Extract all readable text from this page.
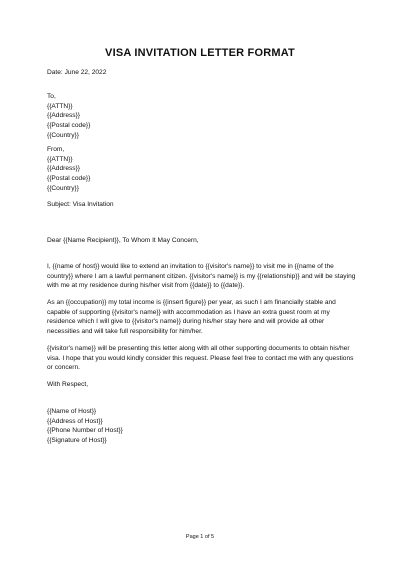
VISA INVITATION LETTER FORMAT
Date: June 22, 2022
To,
{{ATTN}}
{{Address}}
{{Postal code}}
{{Country}}
From,
{{ATTN}}
{{Address}}
{{Postal code}}
{{Country}}
Subject: Visa Invitation
Dear {{Name Recipient}}, To Whom It May Concern,
I, {{name of host}} would like to extend an invitation to {{visitor's name}} to visit me in {{name of the country}} where I am a lawful permanent citizen. {{visitor's name}} is my {{relationship}} and will be staying with me at my residence during his/her visit from {{date}} to {{date}}.
As an {{occupation}} my total income is {{insert figure}} per year, as such I am financially stable and capable of supporting {{visitor's name}} with accommodation as I have an extra guest room at my residence which I will give to {{visitor's name}} during his/her stay here and will provide all other necessities and will take full responsibility for him/her.
{{visitor's name}} will be presenting this letter along with all other supporting documents to obtain his/her visa. I hope that you would kindly consider this request. Please feel free to contact me with any questions or concern.
With Respect,
{{Name of Host}}
{{Address of Host}}
{{Phone Number of Host}}
{{Signature of Host}}
Page 1 of 5
